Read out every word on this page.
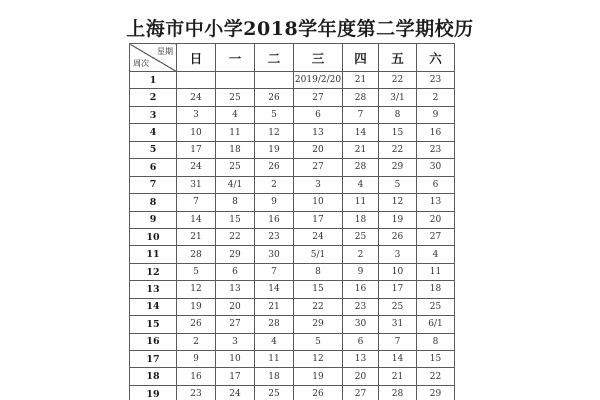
上海市中小学2018学年度第二学期校历
星期
周次	日	一	二	三	四	五	六
1				2019/2/20	21	22	23
2	24	25	26	27	28	3/1	2
3	3	4	5	6	7	8	9
4	10	11	12	13	14	15	16
5	17	18	19	20	21	22	23
6	24	25	26	27	28	29	30
7	31	4/1	2	3	4	5	6
8	7	8	9	10	11	12	13
9	14	15	16	17	18	19	20
10	21	22	23	24	25	26	27
11	28	29	30	5/1	2	3	4
12	5	6	7	8	9	10	11
13	12	13	14	15	16	17	18
14	19	20	21	22	23	25	25
15	26	27	28	29	30	31	6/1
16	2	3	4	5	6	7	8
17	9	10	11	12	13	14	15
18	16	17	18	19	20	21	22
19	23	24	25	26	27	28	29
